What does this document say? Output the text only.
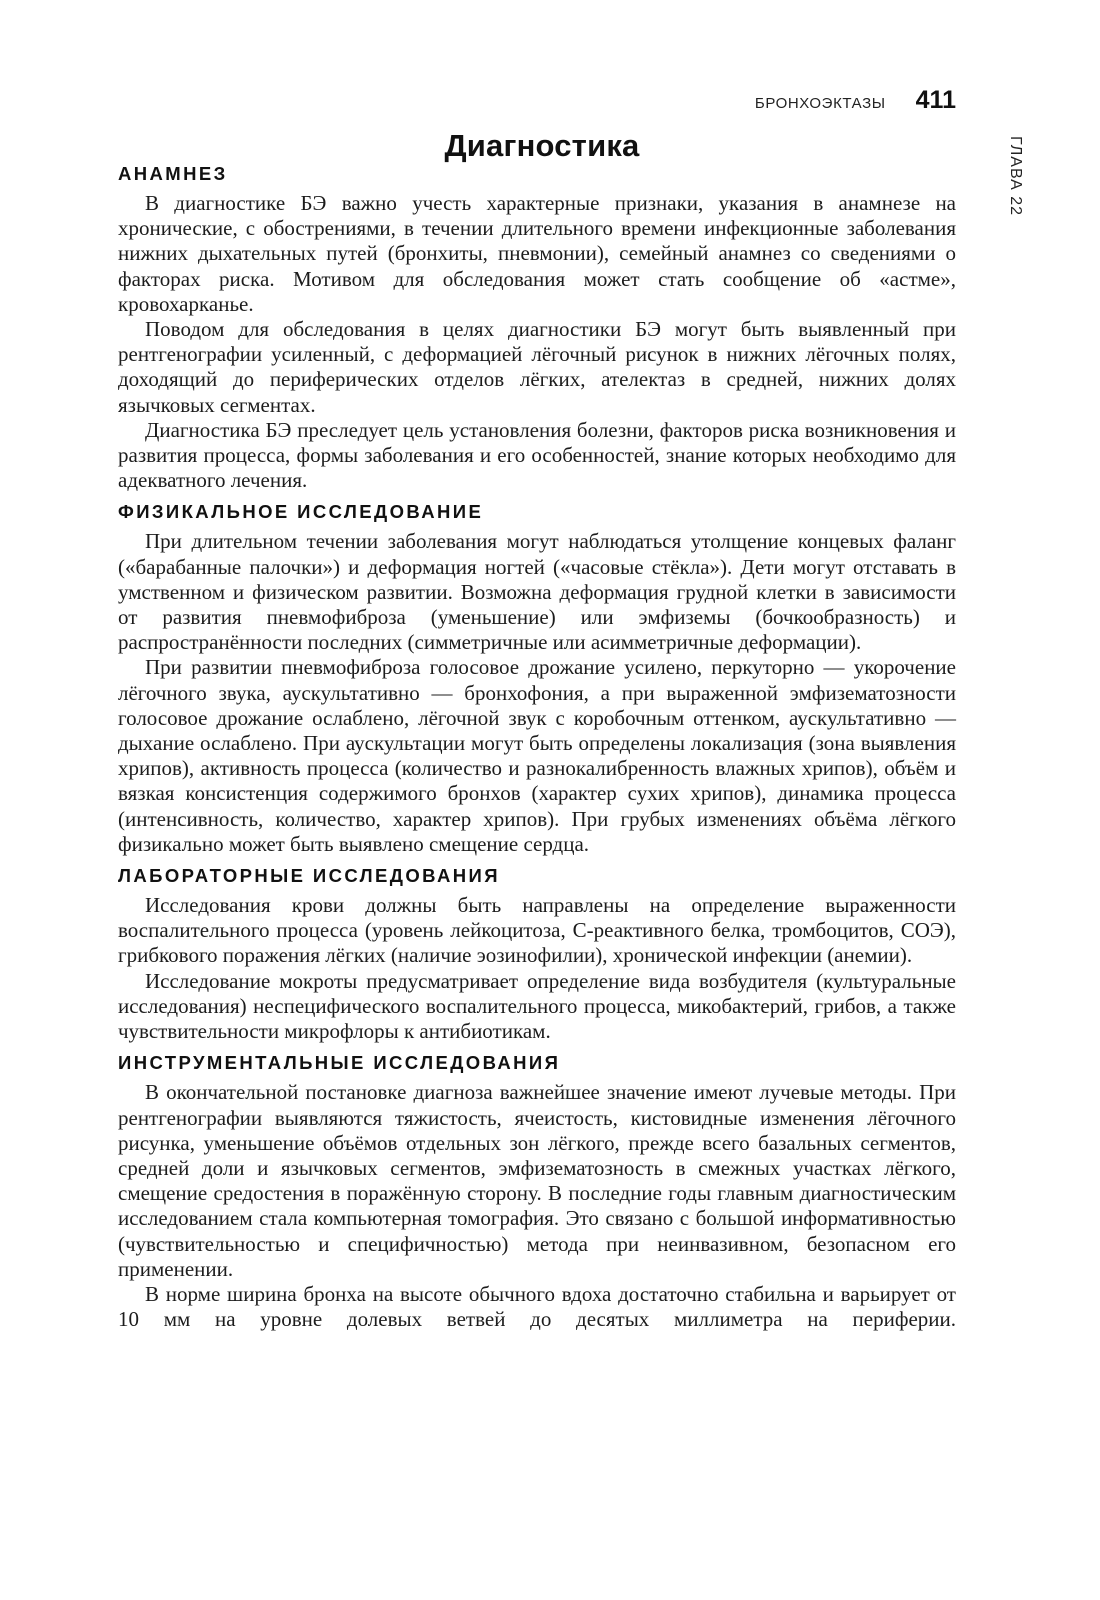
БРОНХОЭКТАЗЫ 411
ГЛАВА 22
Диагностика
АНАМНЕЗ

В диагностике БЭ важно учесть характерные признаки, указания в анамнезе на хронические, с обострениями, в течении длительного времени инфекционные заболевания нижних дыхательных путей (бронхиты, пневмонии), семейный анамнез со сведениями о факторах риска. Мотивом для обследования может стать сообщение об «астме», кровохарканье.

Поводом для обследования в целях диагностики БЭ могут быть выявленный при рентгенографии усиленный, с деформацией лёгочный рисунок в нижних лёгочных полях, доходящий до периферических отделов лёгких, ателектаз в средней, нижних долях язычковых сегментах.

Диагностика БЭ преследует цель установления болезни, факторов риска возникновения и развития процесса, формы заболевания и его особенностей, знание которых необходимо для адекватного лечения.

ФИЗИКАЛЬНОЕ ИССЛЕДОВАНИЕ

При длительном течении заболевания могут наблюдаться утолщение концевых фаланг («барабанные палочки») и деформация ногтей («часовые стёкла»). Дети могут отставать в умственном и физическом развитии. Возможна деформация грудной клетки в зависимости от развития пневмофиброза (уменьшение) или эмфиземы (бочкообразность) и распространённости последних (симметричные или асимметричные деформации).

При развитии пневмофиброза голосовое дрожание усилено, перкуторно — укорочение лёгочного звука, аускультативно — бронхофония, а при выраженной эмфизематозности голосовое дрожание ослаблено, лёгочной звук с коробочным оттенком, аускультативно — дыхание ослаблено. При аускультации могут быть определены локализация (зона выявления хрипов), активность процесса (количество и разнокалибренность влажных хрипов), объём и вязкая консистенция содержимого бронхов (характер сухих хрипов), динамика процесса (интенсивность, количество, характер хрипов). При грубых изменениях объёма лёгкого физикально может быть выявлено смещение сердца.

ЛАБОРАТОРНЫЕ ИССЛЕДОВАНИЯ

Исследования крови должны быть направлены на определение выраженности воспалительного процесса (уровень лейкоцитоза, С-реактивного белка, тромбоцитов, СОЭ), грибкового поражения лёгких (наличие эозинофилии), хронической инфекции (анемии).

Исследование мокроты предусматривает определение вида возбудителя (культуральные исследования) неспецифического воспалительного процесса, микобактерий, грибов, а также чувствительности микрофлоры к антибиотикам.

ИНСТРУМЕНТАЛЬНЫЕ ИССЛЕДОВАНИЯ

В окончательной постановке диагноза важнейшее значение имеют лучевые методы. При рентгенографии выявляются тяжистость, ячеистость, кистовидные изменения лёгочного рисунка, уменьшение объёмов отдельных зон лёгкого, прежде всего базальных сегментов, средней доли и язычковых сегментов, эмфизематозность в смежных участках лёгкого, смещение средостения в поражённую сторону. В последние годы главным диагностическим исследованием стала компьютерная томография. Это связано с большой информативностью (чувствительностью и специфичностью) метода при неинвазивном, безопасном его применении.

В норме ширина бронха на высоте обычного вдоха достаточно стабильна и варьирует от 10 мм на уровне долевых ветвей до десятых миллиметра на периферии.
